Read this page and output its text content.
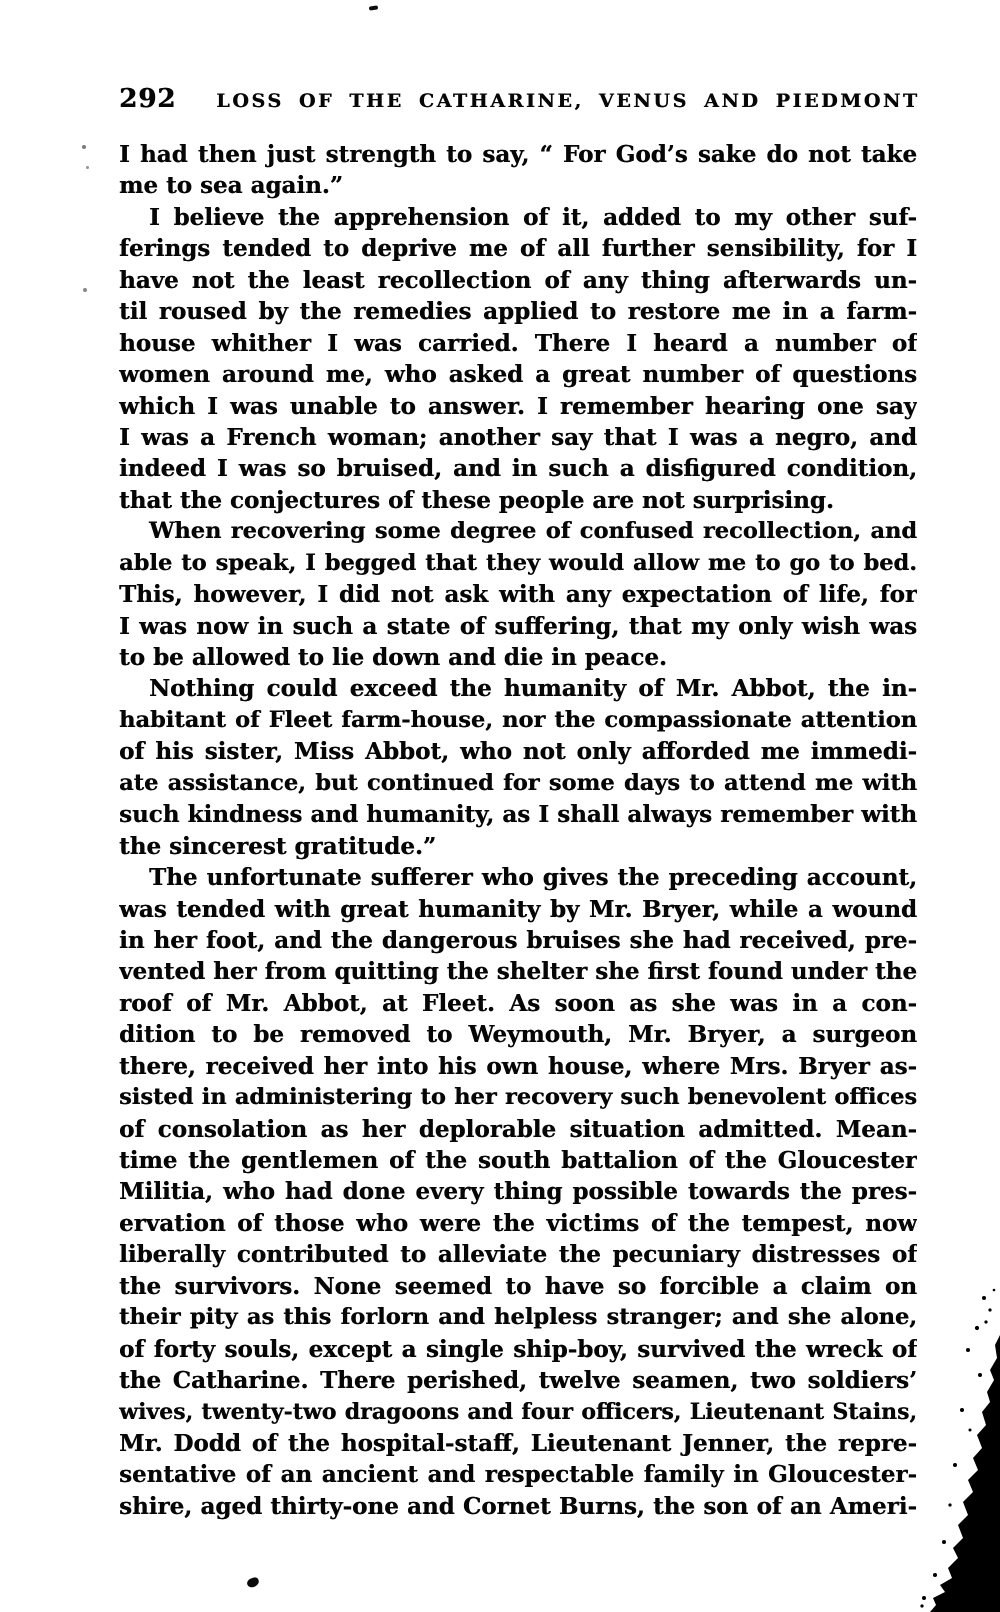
292 LOSS OF THE CATHARINE, VENUS AND PIEDMONT
I had then just strength to say, “ For God’s sake do not take
me to sea again.”
I believe the apprehension of it, added to my other suf-
ferings tended to deprive me of all further sensibility, for I
have not the least recollection of any thing afterwards un-
til roused by the remedies applied to restore me in a farm-
house whither I was carried. There I heard a number of
women around me, who asked a great number of questions
which I was unable to answer. I remember hearing one say
I was a French woman; another say that I was a negro, and
indeed I was so bruised, and in such a disfigured condition,
that the conjectures of these people are not surprising.
When recovering some degree of confused recollection, and
able to speak, I begged that they would allow me to go to bed.
This, however, I did not ask with any expectation of life, for
I was now in such a state of suffering, that my only wish was
to be allowed to lie down and die in peace.
Nothing could exceed the humanity of Mr. Abbot, the in-
habitant of Fleet farm-house, nor the compassionate attention
of his sister, Miss Abbot, who not only afforded me immedi-
ate assistance, but continued for some days to attend me with
such kindness and humanity, as I shall always remember with
the sincerest gratitude.”
The unfortunate sufferer who gives the preceding account,
was tended with great humanity by Mr. Bryer, while a wound
in her foot, and the dangerous bruises she had received, pre-
vented her from quitting the shelter she first found under the
roof of Mr. Abbot, at Fleet. As soon as she was in a con-
dition to be removed to Weymouth, Mr. Bryer, a surgeon
there, received her into his own house, where Mrs. Bryer as-
sisted in administering to her recovery such benevolent offices
of consolation as her deplorable situation admitted. Mean-
time the gentlemen of the south battalion of the Gloucester
Militia, who had done every thing possible towards the pres-
ervation of those who were the victims of the tempest, now
liberally contributed to alleviate the pecuniary distresses of
the survivors. None seemed to have so forcible a claim on
their pity as this forlorn and helpless stranger; and she alone,
of forty souls, except a single ship-boy, survived the wreck of
the Catharine. There perished, twelve seamen, two soldiers’
wives, twenty-two dragoons and four officers, Lieutenant Stains,
Mr. Dodd of the hospital-staff, Lieutenant Jenner, the repre-
sentative of an ancient and respectable family in Gloucester-
shire, aged thirty-one and Cornet Burns, the son of an Ameri-
